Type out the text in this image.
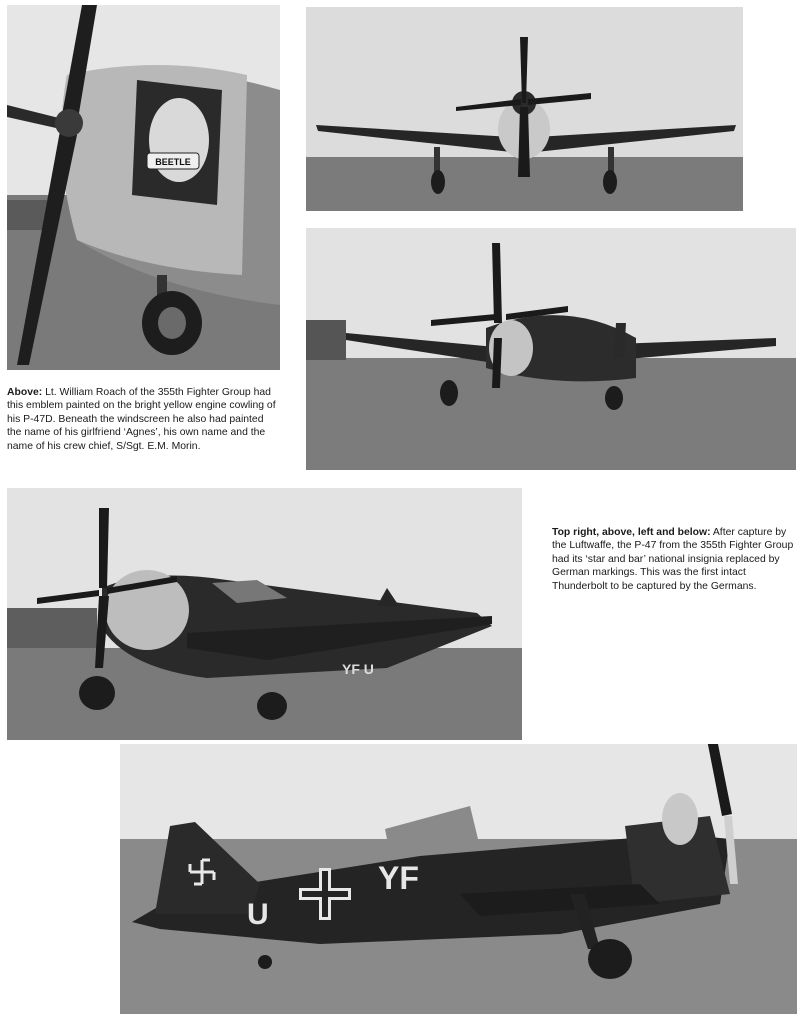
BEETLE
YF U
U
YF

Above: Lt. William Roach of the 355th Fighter Group had this emblem painted on the bright yellow engine cowling of his P-47D. Beneath the windscreen he also had painted the name of his girlfriend ‘Agnes’, his own name and the name of his crew chief, S/Sgt. E.M. Morin.

Top right, above, left and below: After capture by the Luftwaffe, the P-47 from the 355th Fighter Group had its ‘star and bar’ national insignia replaced by German markings. This was the first intact Thunderbolt to be captured by the Germans.
